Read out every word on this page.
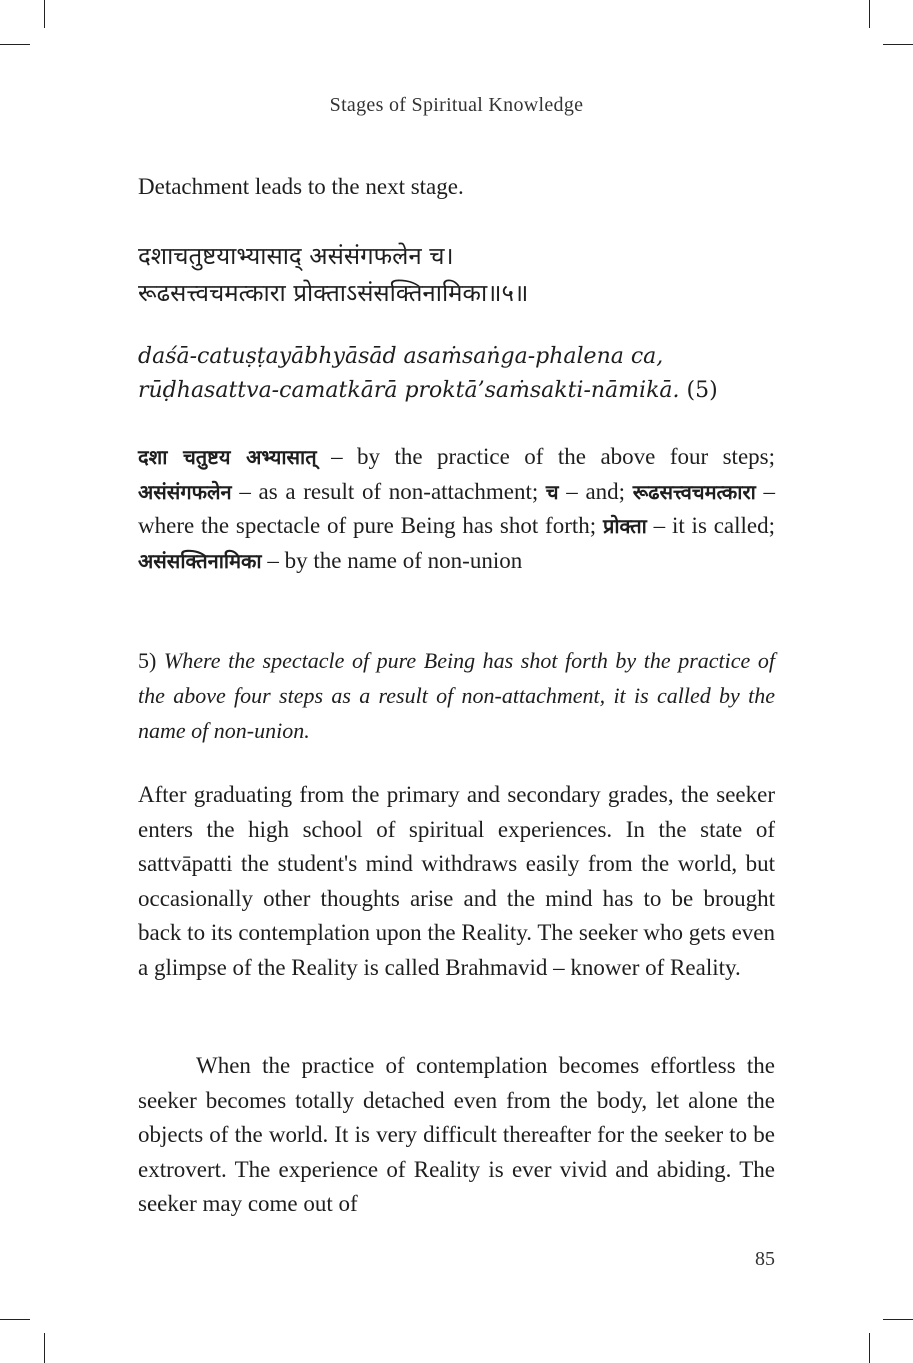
Stages of Spiritual Knowledge

Detachment leads to the next stage.

दशाचतुष्टयाभ्यासाद् असंसंगफलेन च।
रूढसत्त्वचमत्कारा प्रोक्ताऽसंसक्तिनामिका॥५॥
daśā-catuṣṭayābhyāsād asaṁsaṅga-phalena ca,
rūḍhasattva-camatkārā proktā’saṁsakti-nāmikā. (5)

दशा चतुष्टय अभ्यासात् – by the practice of the above four steps; असंसंगफलेन – as a result of non-attachment; च – and; रूढसत्त्वचमत्कारा – where the spectacle of pure Being has shot forth; प्रोक्ता – it is called; असंसक्तिनामिका – by the name of non-union

5) Where the spectacle of pure Being has shot forth by the practice of the above four steps as a result of non-attachment, it is called by the name of non-union.

After graduating from the primary and secondary grades, the seeker enters the high school of spiritual experiences. In the state of sattvāpatti the student's mind withdraws easily from the world, but occasionally other thoughts arise and the mind has to be brought back to its contemplation upon the Reality. The seeker who gets even a glimpse of the Reality is called Brahmavid – knower of Reality.

When the practice of contemplation becomes effortless the seeker becomes totally detached even from the body, let alone the objects of the world. It is very difficult thereafter for the seeker to be extrovert. The experience of Reality is ever vivid and abiding. The seeker may come out of

85
